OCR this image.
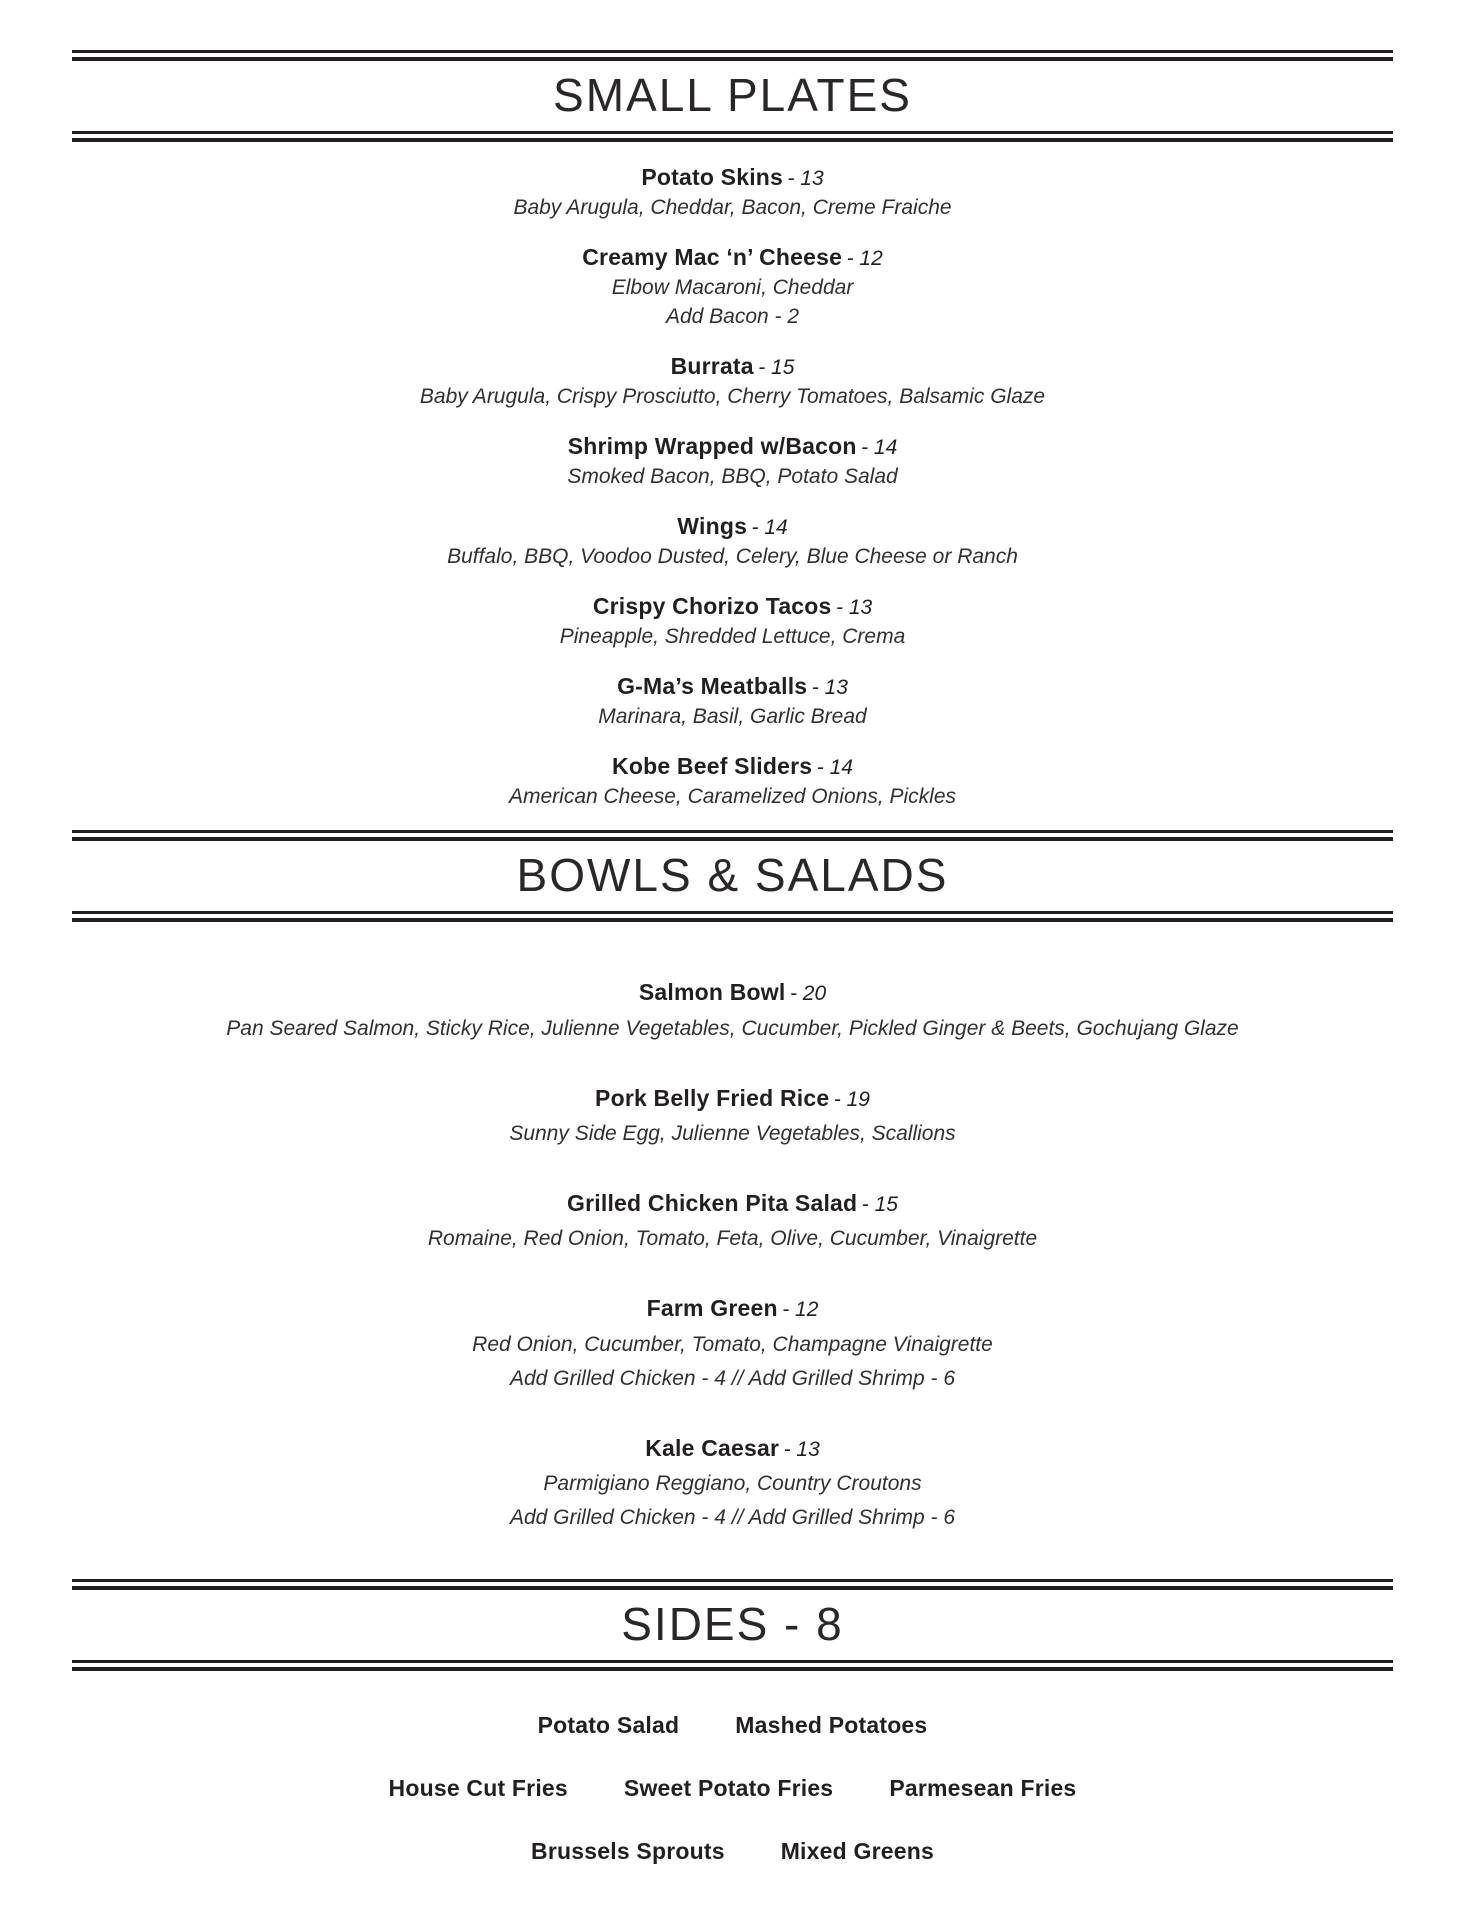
SMALL PLATES
Potato Skins - 13
Baby Arugula, Cheddar, Bacon, Creme Fraiche
Creamy Mac ‘n’ Cheese - 12
Elbow Macaroni, Cheddar
Add Bacon - 2
Burrata - 15
Baby Arugula, Crispy Prosciutto, Cherry Tomatoes, Balsamic Glaze
Shrimp Wrapped w/Bacon - 14
Smoked Bacon, BBQ, Potato Salad
Wings - 14
Buffalo, BBQ, Voodoo Dusted, Celery, Blue Cheese or Ranch
Crispy Chorizo Tacos - 13
Pineapple, Shredded Lettuce, Crema
G-Ma’s Meatballs - 13
Marinara, Basil, Garlic Bread
Kobe Beef Sliders - 14
American Cheese, Caramelized Onions, Pickles
BOWLS & SALADS
Salmon Bowl - 20
Pan Seared Salmon, Sticky Rice, Julienne Vegetables, Cucumber, Pickled Ginger & Beets, Gochujang Glaze
Pork Belly Fried Rice - 19
Sunny Side Egg, Julienne Vegetables, Scallions
Grilled Chicken Pita Salad - 15
Romaine, Red Onion, Tomato, Feta, Olive, Cucumber, Vinaigrette
Farm Green - 12
Red Onion, Cucumber, Tomato, Champagne Vinaigrette
Add Grilled Chicken - 4 // Add Grilled Shrimp - 6
Kale Caesar - 13
Parmigiano Reggiano, Country Croutons
Add Grilled Chicken - 4 // Add Grilled Shrimp - 6
SIDES - 8
Potato Salad Mashed Potatoes
House Cut Fries Sweet Potato Fries Parmesean Fries
Brussels Sprouts Mixed Greens
